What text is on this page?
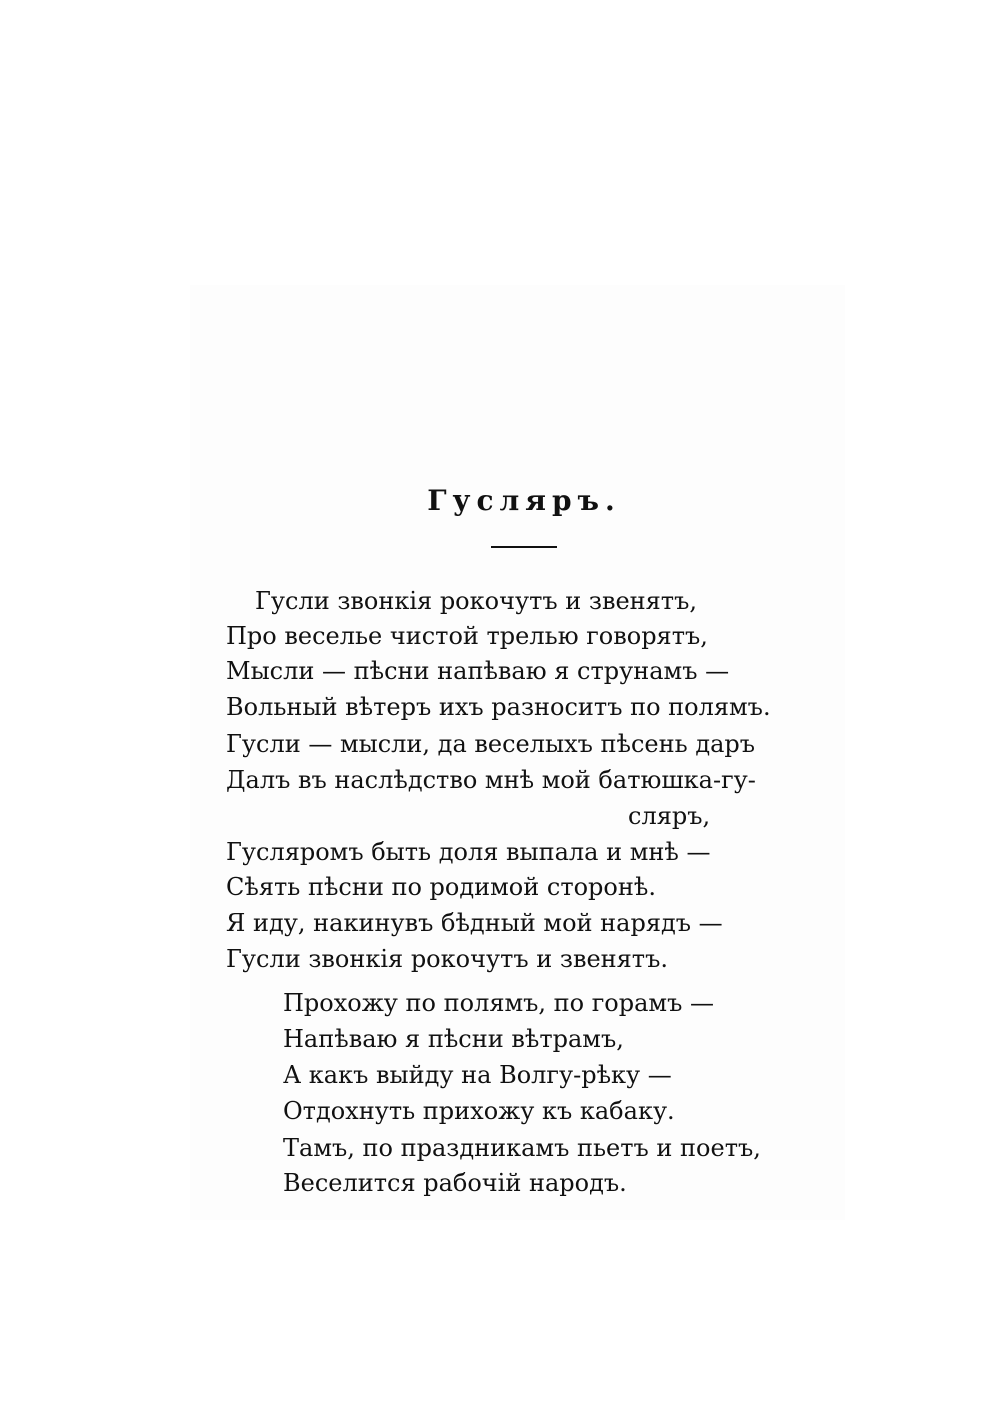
Гусляръ.
Гусли звонкія рокочутъ и звенятъ,
Про веселье чистой трелью говорятъ,
Мысли — пѣсни напѣваю я струнамъ —
Вольный вѣтеръ ихъ разноситъ по полямъ.
Гусли — мысли, да веселыхъ пѣсень даръ
Далъ въ наслѣдство мнѣ мой батюшка-гу-
сляръ,
Гусляромъ быть доля выпала и мнѣ —
Сѣять пѣсни по родимой сторонѣ.
Я иду, накинувъ бѣдный мой нарядъ —
Гусли звонкія рокочутъ и звенятъ.
Прохожу по полямъ, по горамъ —
Напѣваю я пѣсни вѣтрамъ,
А какъ выйду на Волгу-рѣку —
Отдохнуть прихожу къ кабаку.
Тамъ, по праздникамъ пьетъ и поетъ,
Веселится рабочій народъ.
